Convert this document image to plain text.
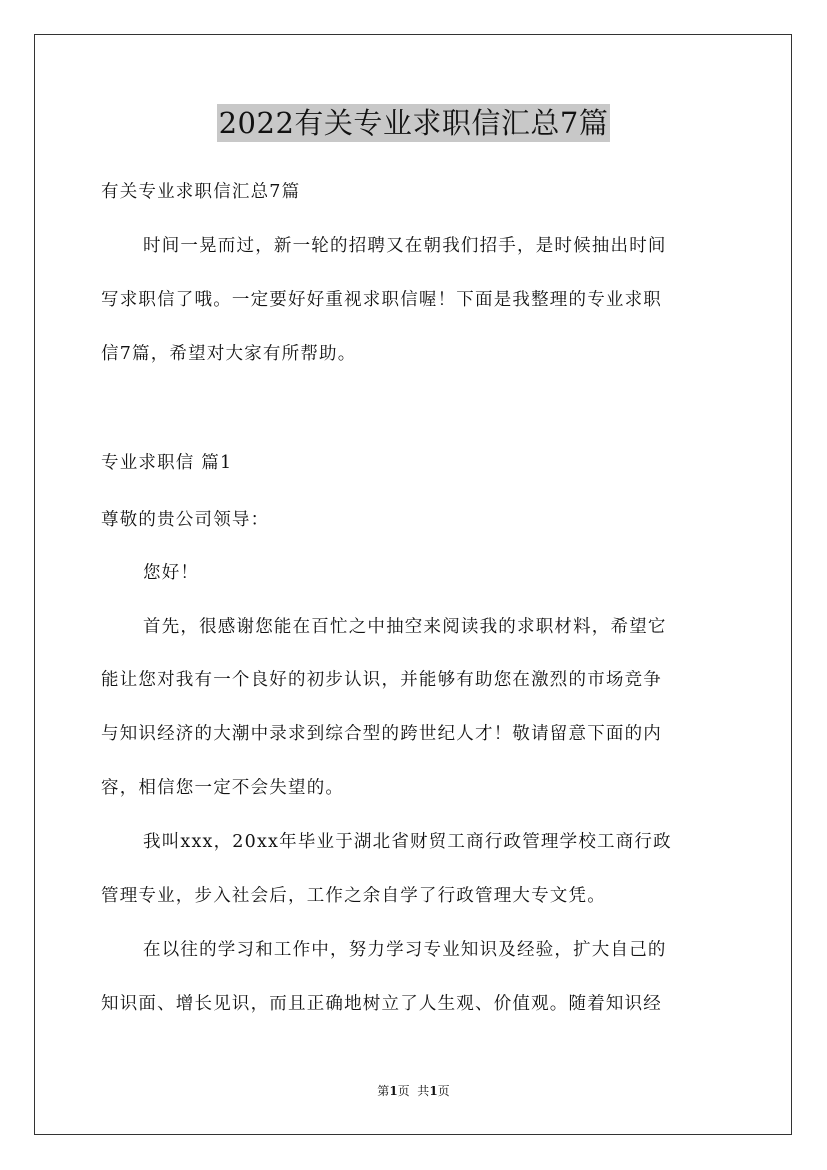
2022有关专业求职信汇总7篇
有关专业求职信汇总7篇
时间一晃而过，新一轮的招聘又在朝我们招手，是时候抽出时间
写求职信了哦。一定要好好重视求职信喔！下面是我整理的专业求职
信7篇，希望对大家有所帮助。
专业求职信 篇1
尊敬的贵公司领导：
您好！
首先，很感谢您能在百忙之中抽空来阅读我的求职材料，希望它
能让您对我有一个良好的初步认识，并能够有助您在激烈的市场竞争
与知识经济的大潮中录求到综合型的跨世纪人才！敬请留意下面的内
容，相信您一定不会失望的。
我叫xxx，20xx年毕业于湖北省财贸工商行政管理学校工商行政
管理专业，步入社会后，工作之余自学了行政管理大专文凭。
在以往的学习和工作中，努力学习专业知识及经验，扩大自己的
知识面、增长见识，而且正确地树立了人生观、价值观。随着知识经
第1页  共1页
